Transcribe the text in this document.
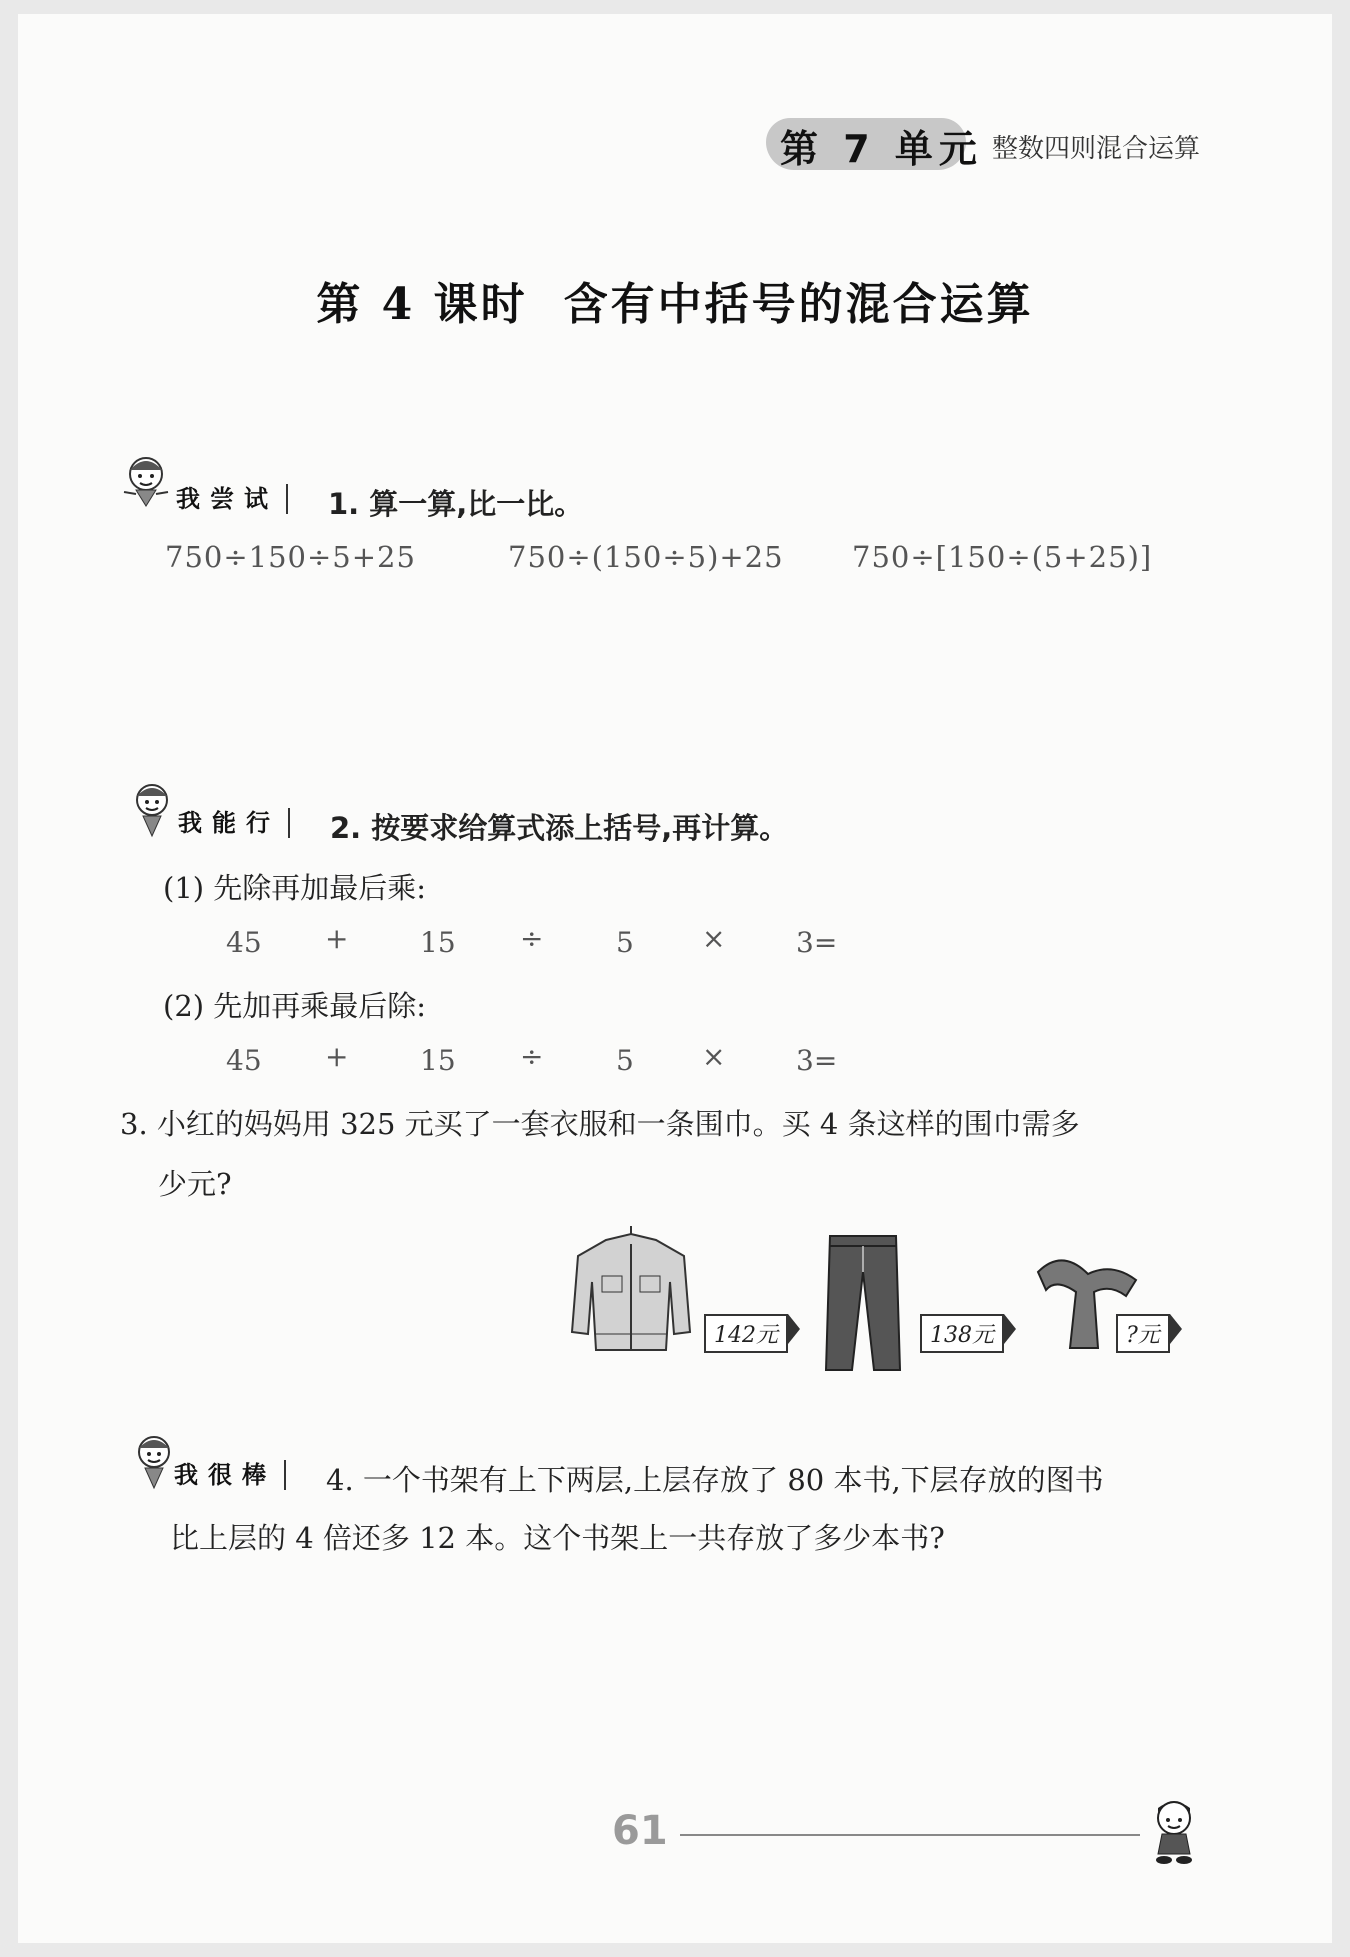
第 7 单元 整数四则混合运算
第 4 课时 含有中括号的混合运算
我尝试	1. 算一算,比一比。
750÷150÷5+25	750÷(150÷5)+25 750÷[150÷(5+25)]
我能行	2. 按要求给算式添上括号,再计算。
(1) 先除再加最后乘:
45 +	15 ÷	5 ×	3=
(2) 先加再乘最后除:
45 +	15 ÷	5 ×	3=
3. 小红的妈妈用 325 元买了一套衣服和一条围巾。买 4 条这样的围巾需多
少元?
142元	138元	?元
我很棒	4. 一个书架有上下两层,上层存放了 80 本书,下层存放的图书
比上层的 4 倍还多 12 本。这个书架上一共存放了多少本书?
61
